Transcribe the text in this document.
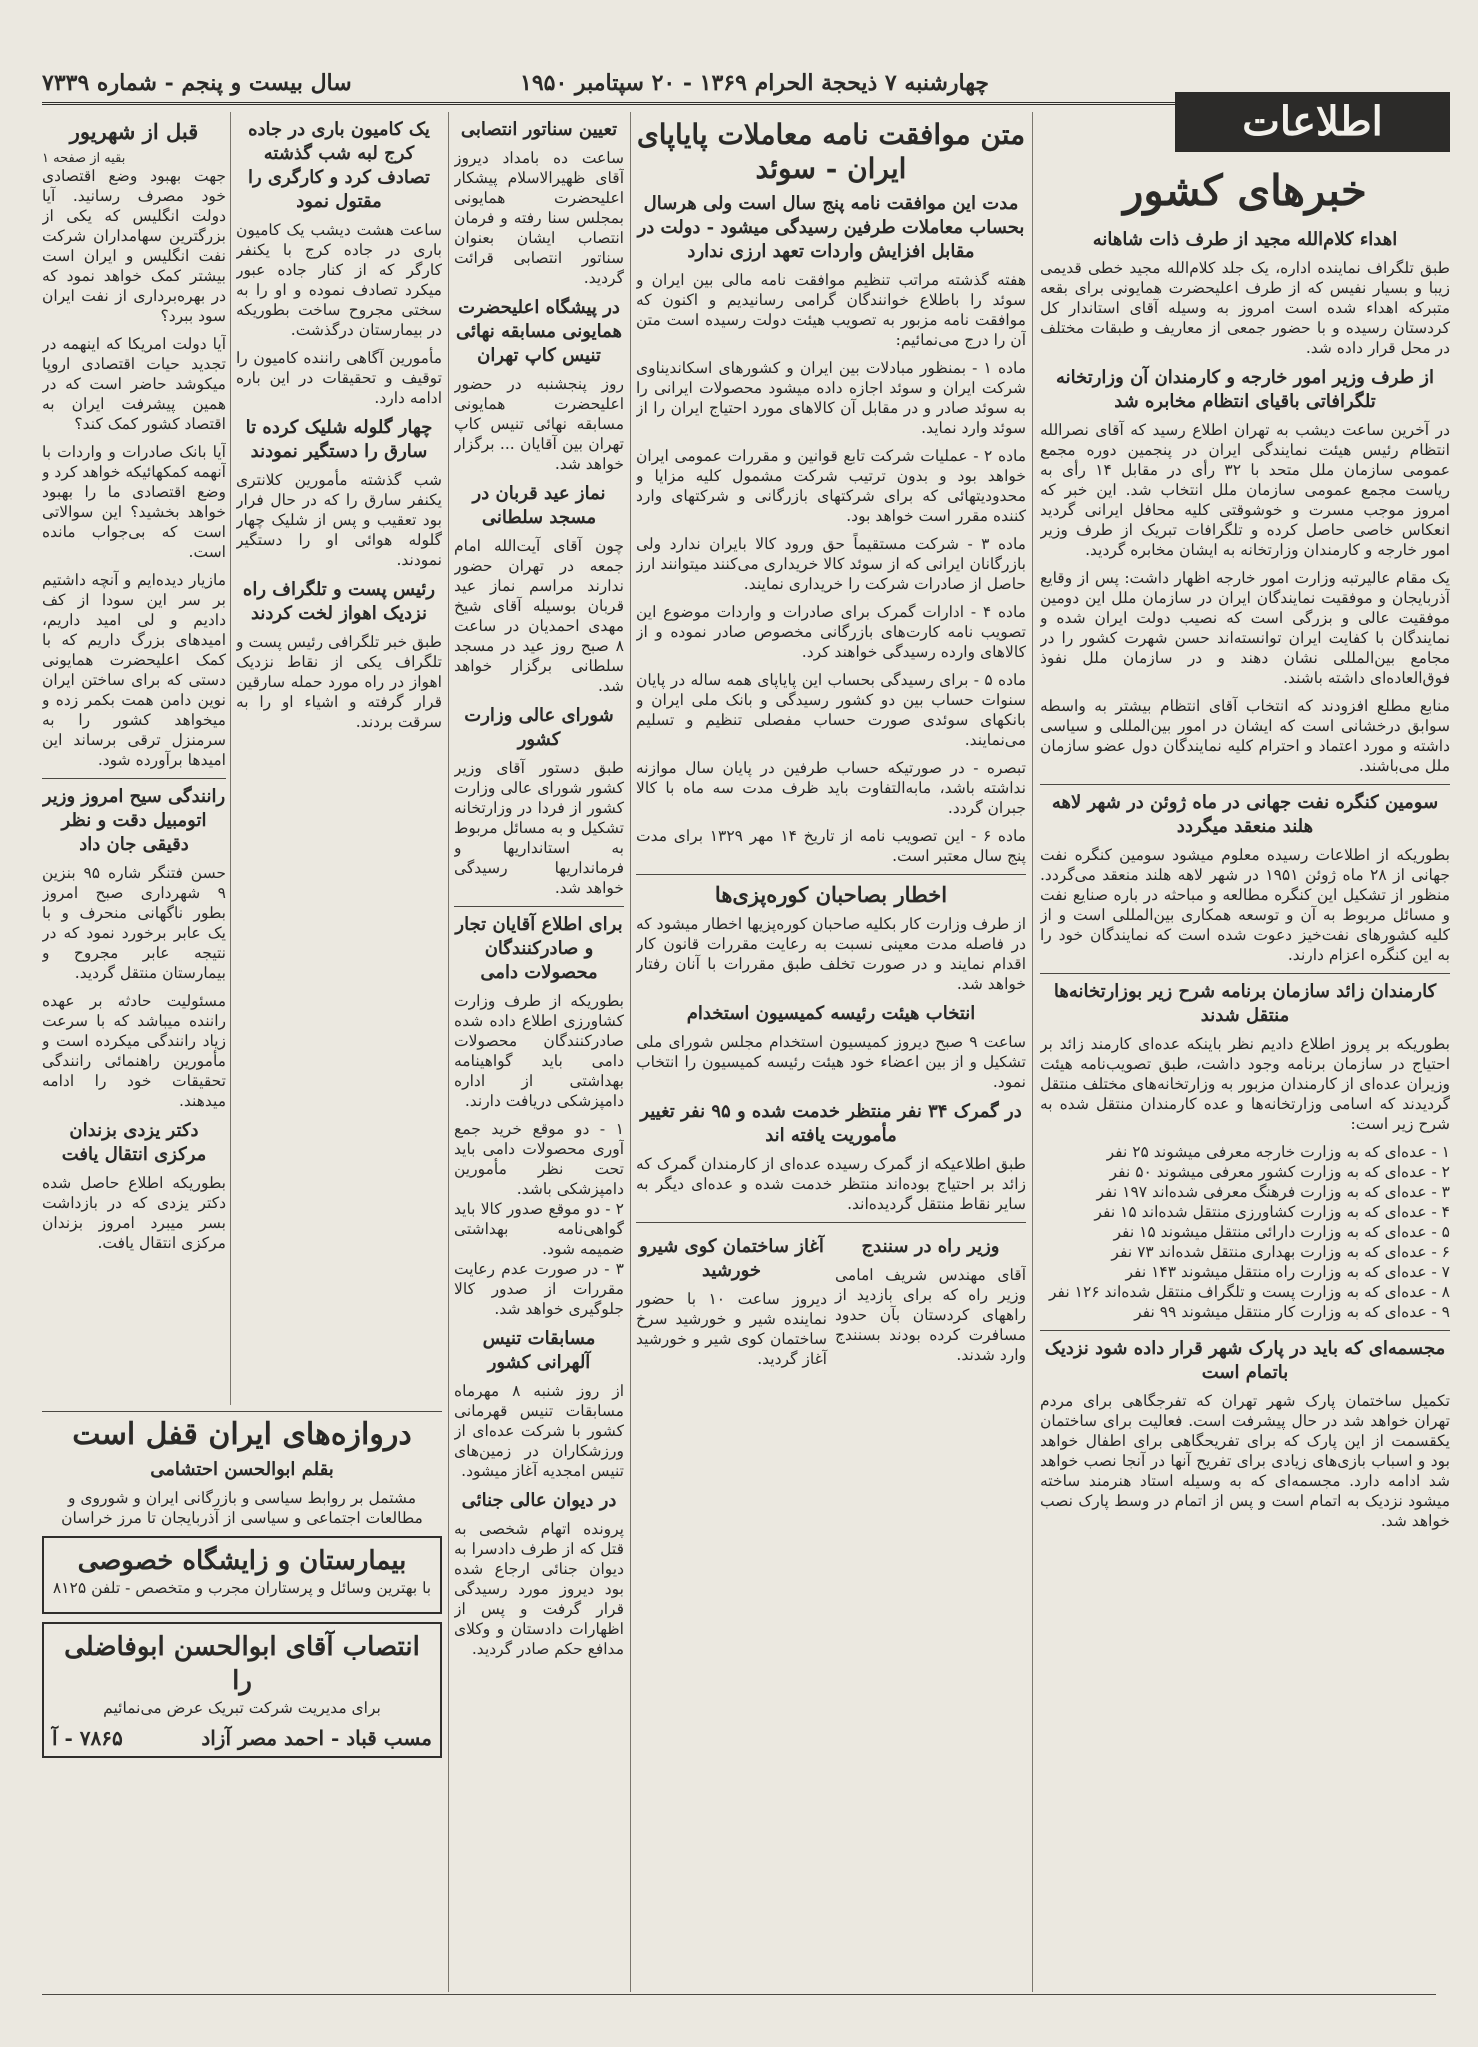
سال بیست و پنجم - شماره ۷۳۳۹	چهارشنبه ۷ ذیحجة الحرام ۱۳۶۹ - ۲۰ سپتامبر ۱۹۵۰
اطلاعات
خبرهای کشور
اهداء کلام‌الله مجید از طرف ذات شاهانه

طبق تلگراف نماینده اداره، یک جلد کلام‌الله مجید خطی قدیمی زیبا و بسیار نفیس که از طرف اعلیحضرت همایونی برای بقعه متبرکه اهداء شده است امروز به وسیله آقای استاندار کل کردستان رسیده و با حضور جمعی از معاریف و طبقات مختلف در محل قرار داده شد.

از طرف وزیر امور خارجه و کارمندان آن وزارتخانه تلگرافاتی باقیای انتظام مخابره شد

در آخرین ساعت دیشب به تهران اطلاع رسید که آقای نصرالله انتظام رئیس هیئت نمایندگی ایران در پنجمین دوره مجمع عمومی سازمان ملل متحد با ۳۲ رأی در مقابل ۱۴ رأی به ریاست مجمع عمومی سازمان ملل انتخاب شد. این خبر که امروز موجب مسرت و خوشوقتی کلیه محافل ایرانی گردید انعکاس خاصی حاصل کرده و تلگرافات تبریک از طرف وزیر امور خارجه و کارمندان وزارتخانه به ایشان مخابره گردید.

یک مقام عالیرتبه وزارت امور خارجه اظهار داشت: پس از وقایع آذربایجان و موفقیت نمایندگان ایران در سازمان ملل این دومین موفقیت عالی و بزرگی است که نصیب دولت ایران شده و نمایندگان با کفایت ایران توانسته‌اند حسن شهرت کشور را در مجامع بین‌المللی نشان دهند و در سازمان ملل نفوذ فوق‌العاده‌ای داشته باشند.

منابع مطلع افزودند که انتخاب آقای انتظام بیشتر به واسطه سوابق درخشانی است که ایشان در امور بین‌المللی و سیاسی داشته و مورد اعتماد و احترام کلیه نمایندگان دول عضو سازمان ملل می‌باشند.

سومین کنگره نفت جهانی در ماه ژوئن در شهر لاهه هلند منعقد میگردد

بطوریکه از اطلاعات رسیده معلوم میشود سومین کنگره نفت جهانی از ۲۸ ماه ژوئن ۱۹۵۱ در شهر لاهه هلند منعقد می‌گردد. منظور از تشکیل این کنگره مطالعه و مباحثه در باره صنایع نفت و مسائل مربوط به آن و توسعه همکاری بین‌المللی است و از کلیه کشورهای نفت‌خیز دعوت شده است که نمایندگان خود را به این کنگره اعزام دارند.

کارمندان زائد سازمان برنامه شرح زیر بوزارتخانه‌ها منتقل شدند

بطوریکه بر پروز اطلاع دادیم نظر باینکه عده‌ای کارمند زائد بر احتیاج در سازمان برنامه وجود داشت، طبق تصویب‌نامه هیئت وزیران عده‌ای از کارمندان مزبور به وزارتخانه‌های مختلف منتقل گردیدند که اسامی وزارتخانه‌ها و عده کارمندان منتقل شده به شرح زیر است:

۱ - عده‌ای که به وزارت خارجه معرفی میشوند ۲۵ نفر
۲ - عده‌ای که به وزارت کشور معرفی میشوند ۵۰ نفر
۳ - عده‌ای که به وزارت فرهنگ معرفی شده‌اند ۱۹۷ نفر
۴ - عده‌ای که به وزارت کشاورزی منتقل شده‌اند ۱۵ نفر
۵ - عده‌ای که به وزارت دارائی منتقل میشوند ۱۵ نفر
۶ - عده‌ای که به وزارت بهداری منتقل شده‌اند ۷۳ نفر
۷ - عده‌ای که به وزارت راه منتقل میشوند ۱۴۳ نفر
۸ - عده‌ای که به وزارت پست و تلگراف منتقل شده‌اند ۱۲۶ نفر
۹ - عده‌ای که به وزارت کار منتقل میشوند ۹۹ نفر

مجسمه‌ای که باید در پارک شهر قرار داده شود نزدیک باتمام است

تکمیل ساختمان پارک شهر تهران که تفرجگاهی برای مردم تهران خواهد شد در حال پیشرفت است. فعالیت برای ساختمان یکقسمت از این پارک که برای تفریحگاهی برای اطفال خواهد بود و اسباب بازی‌های زیادی برای تفریح آنها در آنجا نصب خواهد شد ادامه دارد. مجسمه‌ای که به وسیله استاد هنرمند ساخته میشود نزدیک به اتمام است و پس از اتمام در وسط پارک نصب خواهد شد.

متن موافقت نامه معاملات پایاپای ایران - سوئد
مدت این موافقت نامه پنج سال است ولی هرسال بحساب معاملات طرفین رسیدگی میشود - دولت در مقابل افزایش واردات تعهد ارزی ندارد

هفته گذشته مراتب تنظیم موافقت نامه مالی بین ایران و سوئد را باطلاع خوانندگان گرامی رسانیدیم و اکنون که موافقت نامه مزبور به تصویب هیئت دولت رسیده است متن آن را درج می‌نمائیم:

ماده ۱ - بمنظور مبادلات بین ایران و کشورهای اسکاندیناوی شرکت ایران و سوئد اجازه داده میشود محصولات ایرانی را به سوئد صادر و در مقابل آن کالاهای مورد احتیاج ایران را از سوئد وارد نماید.

ماده ۲ - عملیات شرکت تابع قوانین و مقررات عمومی ایران خواهد بود و بدون ترتیب شرکت مشمول کلیه مزایا و محدودیتهائی که برای شرکتهای بازرگانی و شرکتهای وارد کننده مقرر است خواهد بود.

ماده ۳ - شرکت مستقیماً حق ورود کالا بایران ندارد ولی بازرگانان ایرانی که از سوئد کالا خریداری می‌کنند میتوانند ارز حاصل از صادرات شرکت را خریداری نمایند.

ماده ۴ - ادارات گمرک برای صادرات و واردات موضوع این تصویب نامه کارت‌های بازرگانی مخصوص صادر نموده و از کالاهای وارده رسیدگی خواهند کرد.

ماده ۵ - برای رسیدگی بحساب این پایاپای همه ساله در پایان سنوات حساب بین دو کشور رسیدگی و بانک ملی ایران و بانکهای سوئدی صورت حساب مفصلی تنظیم و تسلیم می‌نمایند.

تبصره - در صورتیکه حساب طرفین در پایان سال موازنه نداشته باشد، مابه‌التفاوت باید ظرف مدت سه ماه با کالا جبران گردد.

ماده ۶ - این تصویب نامه از تاریخ ۱۴ مهر ۱۳۲۹ برای مدت پنج سال معتبر است.

اخطار بصاحبان کوره‌پزی‌ها

از طرف وزارت کار بکلیه صاحبان کوره‌پزیها اخطار میشود که در فاصله مدت معینی نسبت به رعایت مقررات قانون کار اقدام نمایند و در صورت تخلف طبق مقررات با آنان رفتار خواهد شد.

انتخاب هیئت رئیسه کمیسیون استخدام

ساعت ۹ صبح دیروز کمیسیون استخدام مجلس شورای ملی تشکیل و از بین اعضاء خود هیئت رئیسه کمیسیون را انتخاب نمود.

در گمرک ۳۴ نفر منتظر خدمت شده و ۹۵ نفر تغییر مأموریت یافته اند

طبق اطلاعیکه از گمرک رسیده عده‌ای از کارمندان گمرک که زائد بر احتیاج بوده‌اند منتظر خدمت شده و عده‌ای دیگر به سایر نقاط منتقل گردیده‌اند.

وزیر راه در سنندج

آقای مهندس شریف امامی وزیر راه که برای بازدید از راههای کردستان بآن حدود مسافرت کرده بودند بسنندج وارد شدند.

آغاز ساختمان کوی شیرو خورشید

دیروز ساعت ۱۰ با حضور نماینده شیر و خورشید سرخ ساختمان کوی شیر و خورشید آغاز گردید.

تعیین سناتور انتصابی

ساعت ده بامداد دیروز آقای ظهیرالاسلام پیشکار اعلیحضرت همایونی بمجلس سنا رفته و فرمان انتصاب ایشان بعنوان سناتور انتصابی قرائت گردید.

در پیشگاه اعلیحضرت همایونی مسابقه نهائی تنیس کاپ تهران

روز پنجشنبه در حضور اعلیحضرت همایونی مسابقه نهائی تنیس کاپ تهران بین آقایان ... برگزار خواهد شد.

نماز عید قربان در مسجد سلطانی

چون آقای آیت‌الله امام جمعه در تهران حضور ندارند مراسم نماز عید قربان بوسیله آقای شیخ مهدی احمدیان در ساعت ۸ صبح روز عید در مسجد سلطانی برگزار خواهد شد.

شورای عالی وزارت کشور

طبق دستور آقای وزیر کشور شورای عالی وزارت کشور از فردا در وزارتخانه تشکیل و به مسائل مربوط به استانداریها و فرمانداریها رسیدگی خواهد شد.

برای اطلاع آقایان تجار و صادرکنندگان محصولات دامی

بطوریکه از طرف وزارت کشاورزی اطلاع داده شده صادرکنندگان محصولات دامی باید گواهینامه بهداشتی از اداره دامپزشکی دریافت دارند.

۱ - دو موقع خرید جمع آوری محصولات دامی باید تحت نظر مأمورین دامپزشکی باشد.
۲ - دو موقع صدور کالا باید گواهی‌نامه بهداشتی ضمیمه شود.
۳ - در صورت عدم رعایت مقررات از صدور کالا جلوگیری خواهد شد.

مسابقات تنیس آلهرانی کشور

از روز شنبه ۸ مهرماه مسابقات تنیس قهرمانی کشور با شرکت عده‌ای از ورزشکاران در زمین‌های تنیس امجدیه آغاز میشود.

در دیوان عالی جنائی

پرونده اتهام شخصی به قتل که از طرف دادسرا به دیوان جنائی ارجاع شده بود دیروز مورد رسیدگی قرار گرفت و پس از اظهارات دادستان و وکلای مدافع حکم صادر گردید.

یک کامیون باری در جاده کرج لبه شب گذشته تصادف کرد و کارگری را مقتول نمود

ساعت هشت دیشب یک کامیون باری در جاده کرج با یکنفر کارگر که از کنار جاده عبور میکرد تصادف نموده و او را به سختی مجروح ساخت بطوریکه در بیمارستان درگذشت.

مأمورین آگاهی راننده کامیون را توقیف و تحقیقات در این باره ادامه دارد.

چهار گلوله شلیک کرده تا سارق را دستگیر نمودند

شب گذشته مأمورین کلانتری یکنفر سارق را که در حال فرار بود تعقیب و پس از شلیک چهار گلوله هوائی او را دستگیر نمودند.

رئیس پست و تلگراف راه نزدیک اهواز لخت کردند

طبق خبر تلگرافی رئیس پست و تلگراف یکی از نقاط نزدیک اهواز در راه مورد حمله سارقین قرار گرفته و اشیاء او را به سرقت بردند.

قبل از شهریور
بقیه از صفحه ۱

جهت بهبود وضع اقتصادی خود مصرف رسانید. آیا دولت انگلیس که یکی از بزرگترین سهامداران شرکت نفت انگلیس و ایران است بیشتر کمک خواهد نمود که در بهره‌برداری از نفت ایران سود ببرد؟

آیا دولت امریکا که اینهمه در تجدید حیات اقتصادی اروپا میکوشد حاضر است که در همین پیشرفت ایران به اقتصاد کشور کمک کند؟

آیا بانک صادرات و واردات با آنهمه کمکهائیکه خواهد کرد و وضع اقتصادی ما را بهبود خواهد بخشید؟ این سوالاتی است که بی‌جواب مانده است.

مازیار دیده‌ایم و آنچه داشتیم بر سر این سودا از کف دادیم و لی امید داریم، امیدهای بزرگ داریم که با کمک اعلیحضرت همایونی دستی که برای ساختن ایران نوین دامن همت بکمر زده و میخواهد کشور را به سرمنزل ترقی برساند این امیدها برآورده شود.

رانندگی سیح امروز وزیر اتومبیل دقت و نظر دقیقی جان داد

حسن فتنگر شاره ۹۵ بنزین ۹ شهرداری صبح امروز بطور ناگهانی منحرف و با یک عابر برخورد نمود که در نتیجه عابر مجروح و بیمارستان منتقل گردید.

مسئولیت حادثه بر عهده راننده میباشد که با سرعت زیاد رانندگی میکرده است و مأمورین راهنمائی رانندگی تحقیقات خود را ادامه میدهند.

دکتر یزدی بزندان مرکزی انتقال یافت

بطوریکه اطلاع حاصل شده دکتر یزدی که در بازداشت بسر میبرد امروز بزندان مرکزی انتقال یافت.

دروازه‌های ایران قفل است
بقلم ابوالحسن احتشامی

مشتمل بر روابط سیاسی و بازرگانی ایران و شوروی و مطالعات اجتماعی و سیاسی از آذربایجان تا مرز خراسان

بیمارستان و زایشگاه خصوصی

با بهترین وسائل و پرستاران مجرب و متخصص - تلفن ۸۱۲۵

انتصاب آقای ابوالحسن ابوفاضلی را

برای مدیریت شرکت تبریک عرض می‌نمائیم

مسب قباد - احمد مصر آزاد
۷۸۶۵ - آ
